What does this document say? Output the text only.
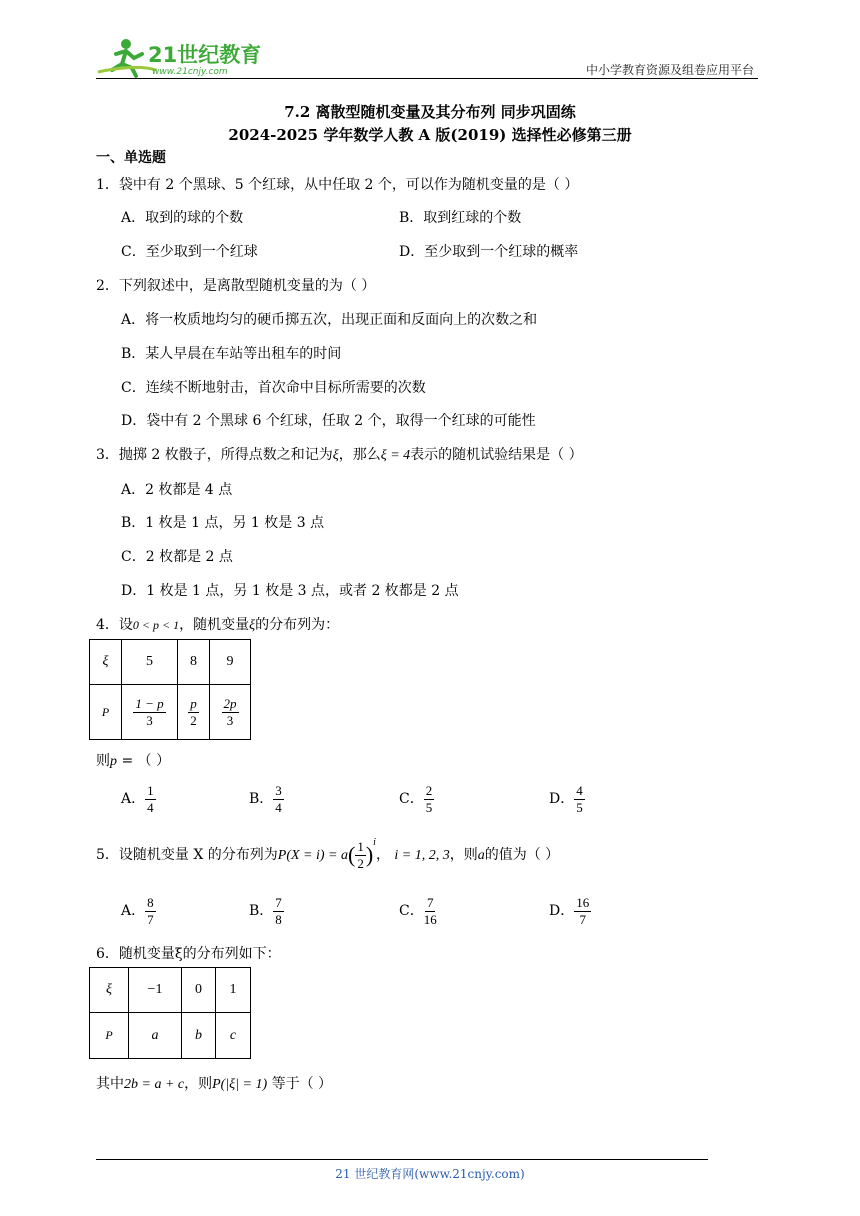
21世纪教育
www.21cnjy.com	中小学教育资源及组卷应用平台
7.2 离散型随机变量及其分布列 同步巩固练
2024-2025 学年数学人教 A 版(2019) 选择性必修第三册
一、单选题
1．袋中有 2 个黑球、5 个红球，从中任取 2 个，可以作为随机变量的是（ ）
A．取到的球的个数	B．取到红球的个数
C．至少取到一个红球	D．至少取到一个红球的概率
2．下列叙述中，是离散型随机变量的为（ ）
A．将一枚质地均匀的硬币掷五次，出现正面和反面向上的次数之和
B．某人早晨在车站等出租车的时间
C．连续不断地射击，首次命中目标所需要的次数
D．袋中有 2 个黑球 6 个红球，任取 2 个，取得一个红球的可能性
3．抛掷 2 枚骰子，所得点数之和记为ξ，那么ξ = 4表示的随机试验结果是（ ）
A．2 枚都是 4 点
B．1 枚是 1 点，另 1 枚是 3 点
C．2 枚都是 2 点
D．1 枚是 1 点，另 1 枚是 3 点，或者 2 枚都是 2 点
4．设0 < p < 1，随机变量ξ的分布列为：
ξ	5	8	9
P	$\frac{1 - p}{3}$	$\frac{p}{2}$	$\frac{2p}{3}$
则p = （ ）
A． $\frac{1}{4}$	B． $\frac{3}{4}$	C． $\frac{2}{5}$	D． $\frac{4}{5}$
5．设随机变量 X 的分布列为$P(X = i) = a( \frac{1}{2} )^i$， i = 1, 2, 3，则a的值为（ ）
A． $\frac{8}{7}$	B． $\frac{7}{8}$	C． $\frac{7}{16}$	D． $\frac{16}{7}$
6．随机变量ξ的分布列如下：
ξ	−1	0	1
P	a	b	c
其中2b = a + c，则P(|ξ| = 1) 等于（ ）
21 世纪教育网(www.21cnjy.com)
